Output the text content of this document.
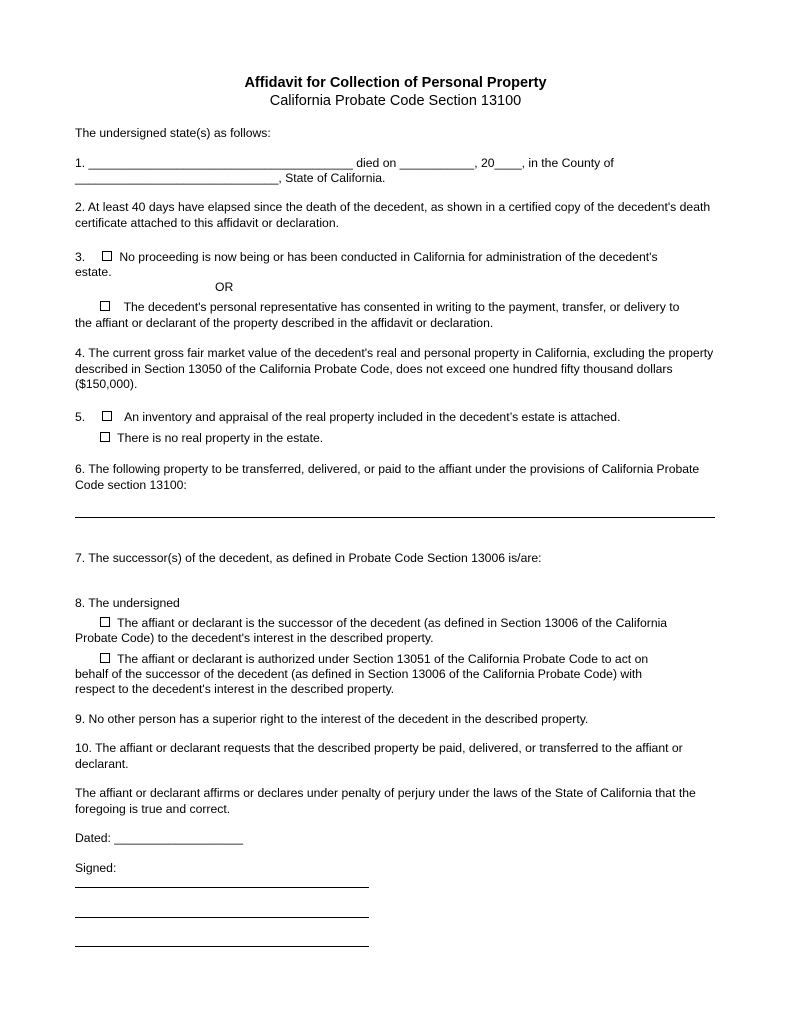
Affidavit for Collection of Personal Property
California Probate Code Section 13100
The undersigned state(s) as follows:
1. _______________________________________ died on ___________, 20____, in the County of
______________________________, State of California.
2. At least 40 days have elapsed since the death of the decedent, as shown in a certified copy of the decedent's death certificate attached to this affidavit or declaration.
3.	No proceeding is now being or has been conducted in California for administration of the decedent's
estate.
OR
The decedent's personal representative has consented in writing to the payment, transfer, or delivery to
the affiant or declarant of the property described in the affidavit or declaration.
4. The current gross fair market value of the decedent's real and personal property in California, excluding the property described in Section 13050 of the California Probate Code, does not exceed one hundred fifty thousand dollars ($150,000).
5.	An inventory and appraisal of the real property included in the decedent’s estate is attached.
There is no real property in the estate.
6. The following property to be transferred, delivered, or paid to the affiant under the provisions of California Probate Code section 13100:
7. The successor(s) of the decedent, as defined in Probate Code Section 13006 is/are:
8. The undersigned
The affiant or declarant is the successor of the decedent (as defined in Section 13006 of the California
Probate Code) to the decedent's interest in the described property.
The affiant or declarant is authorized under Section 13051 of the California Probate Code to act on
behalf of the successor of the decedent (as defined in Section 13006 of the California Probate Code) with
respect to the decedent's interest in the described property.
9. No other person has a superior right to the interest of the decedent in the described property.
10. The affiant or declarant requests that the described property be paid, delivered, or transferred to the affiant or declarant.
The affiant or declarant affirms or declares under penalty of perjury under the laws of the State of California that the foregoing is true and correct.
Dated: ___________________
Signed:
